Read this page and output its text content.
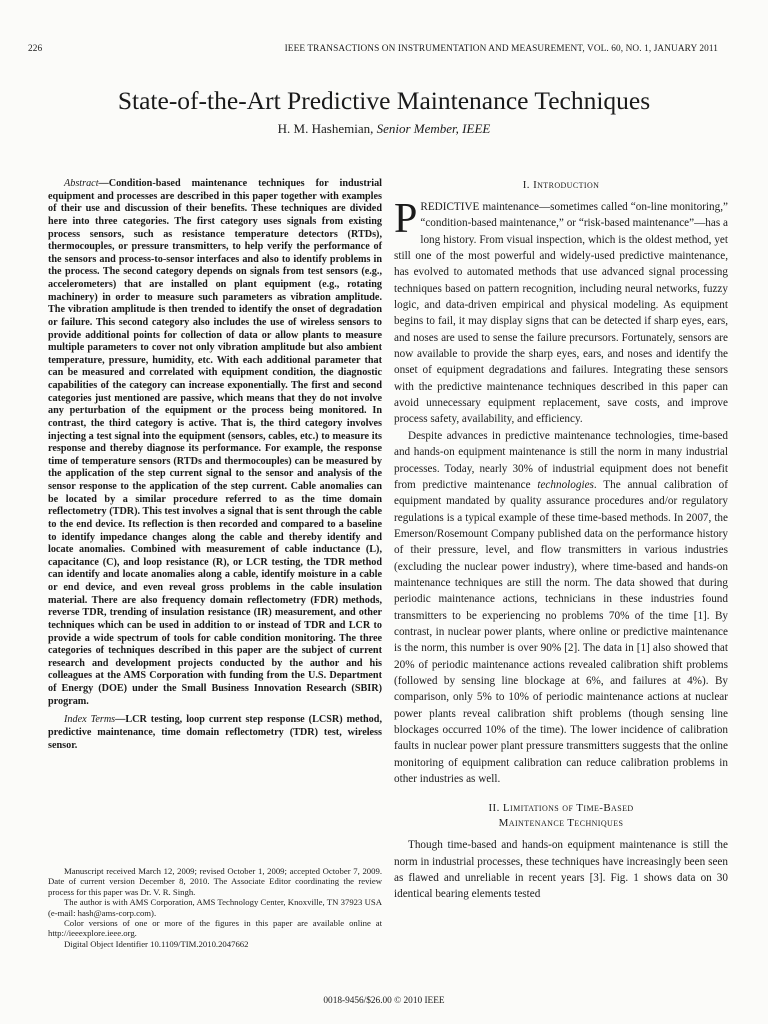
226	IEEE TRANSACTIONS ON INSTRUMENTATION AND MEASUREMENT, VOL. 60, NO. 1, JANUARY 2011
State-of-the-Art Predictive Maintenance Techniques
H. M. Hashemian, Senior Member, IEEE

Abstract—Condition-based maintenance techniques for industrial equipment and processes are described in this paper together with examples of their use and discussion of their benefits. These techniques are divided here into three categories. The first category uses signals from existing process sensors, such as resistance temperature detectors (RTDs), thermocouples, or pressure transmitters, to help verify the performance of the sensors and process-to-sensor interfaces and also to identify problems in the process. The second category depends on signals from test sensors (e.g., accelerometers) that are installed on plant equipment (e.g., rotating machinery) in order to measure such parameters as vibration amplitude. The vibration amplitude is then trended to identify the onset of degradation or failure. This second category also includes the use of wireless sensors to provide additional points for collection of data or allow plants to measure multiple parameters to cover not only vibration amplitude but also ambient temperature, pressure, humidity, etc. With each additional parameter that can be measured and correlated with equipment condition, the diagnostic capabilities of the category can increase exponentially. The first and second categories just mentioned are passive, which means that they do not involve any perturbation of the equipment or the process being monitored. In contrast, the third category is active. That is, the third category involves injecting a test signal into the equipment (sensors, cables, etc.) to measure its response and thereby diagnose its performance. For example, the response time of temperature sensors (RTDs and thermocouples) can be measured by the application of the step current signal to the sensor and analysis of the sensor response to the application of the step current. Cable anomalies can be located by a similar procedure referred to as the time domain reflectometry (TDR). This test involves a signal that is sent through the cable to the end device. Its reflection is then recorded and compared to a baseline to identify impedance changes along the cable and thereby identify and locate anomalies. Combined with measurement of cable inductance (L), capacitance (C), and loop resistance (R), or LCR testing, the TDR method can identify and locate anomalies along a cable, identify moisture in a cable or end device, and even reveal gross problems in the cable insulation material. There are also frequency domain reflectometry (FDR) methods, reverse TDR, trending of insulation resistance (IR) measurement, and other techniques which can be used in addition to or instead of TDR and LCR to provide a wide spectrum of tools for cable condition monitoring. The three categories of techniques described in this paper are the subject of current research and development projects conducted by the author and his colleagues at the AMS Corporation with funding from the U.S. Department of Energy (DOE) under the Small Business Innovation Research (SBIR) program.

Index Terms—LCR testing, loop current step response (LCSR) method, predictive maintenance, time domain reflectometry (TDR) test, wireless sensor.

Manuscript received March 12, 2009; revised October 1, 2009; accepted October 7, 2009. Date of current version December 8, 2010. The Associate Editor coordinating the review process for this paper was Dr. V. R. Singh.

The author is with AMS Corporation, AMS Technology Center, Knoxville, TN 37923 USA (e-mail: hash@ams-corp.com).

Color versions of one or more of the figures in this paper are available online at http://ieeexplore.ieee.org.

Digital Object Identifier 10.1109/TIM.2010.2047662

I. Introduction

PREDICTIVE maintenance—sometimes called “on-line monitoring,” “condition-based maintenance,” or “risk-based maintenance”—has a long history. From visual inspection, which is the oldest method, yet still one of the most powerful and widely-used predictive maintenance, has evolved to automated methods that use advanced signal processing techniques based on pattern recognition, including neural networks, fuzzy logic, and data-driven empirical and physical modeling. As equipment begins to fail, it may display signs that can be detected if sharp eyes, ears, and noses are used to sense the failure precursors. Fortunately, sensors are now available to provide the sharp eyes, ears, and noses and identify the onset of equipment degradations and failures. Integrating these sensors with the predictive maintenance techniques described in this paper can avoid unnecessary equipment replacement, save costs, and improve process safety, availability, and efficiency.

Despite advances in predictive maintenance technologies, time-based and hands-on equipment maintenance is still the norm in many industrial processes. Today, nearly 30% of industrial equipment does not benefit from predictive maintenance technologies. The annual calibration of equipment mandated by quality assurance procedures and/or regulatory regulations is a typical example of these time-based methods. In 2007, the Emerson/Rosemount Company published data on the performance history of their pressure, level, and flow transmitters in various industries (excluding the nuclear power industry), where time-based and hands-on maintenance techniques are still the norm. The data showed that during periodic maintenance actions, technicians in these industries found transmitters to be experiencing no problems 70% of the time [1]. By contrast, in nuclear power plants, where online or predictive maintenance is the norm, this number is over 90% [2]. The data in [1] also showed that 20% of periodic maintenance actions revealed calibration shift problems (followed by sensing line blockage at 6%, and failures at 4%). By comparison, only 5% to 10% of periodic maintenance actions at nuclear power plants reveal calibration shift problems (though sensing line blockages occurred 10% of the time). The lower incidence of calibration faults in nuclear power plant pressure transmitters suggests that the online monitoring of equipment calibration can reduce calibration problems in other industries as well.

II. Limitations of Time-Based
Maintenance Techniques

Though time-based and hands-on equipment maintenance is still the norm in industrial processes, these techniques have increasingly been seen as flawed and unreliable in recent years [3]. Fig. 1 shows data on 30 identical bearing elements tested

0018-9456/$26.00 © 2010 IEEE
